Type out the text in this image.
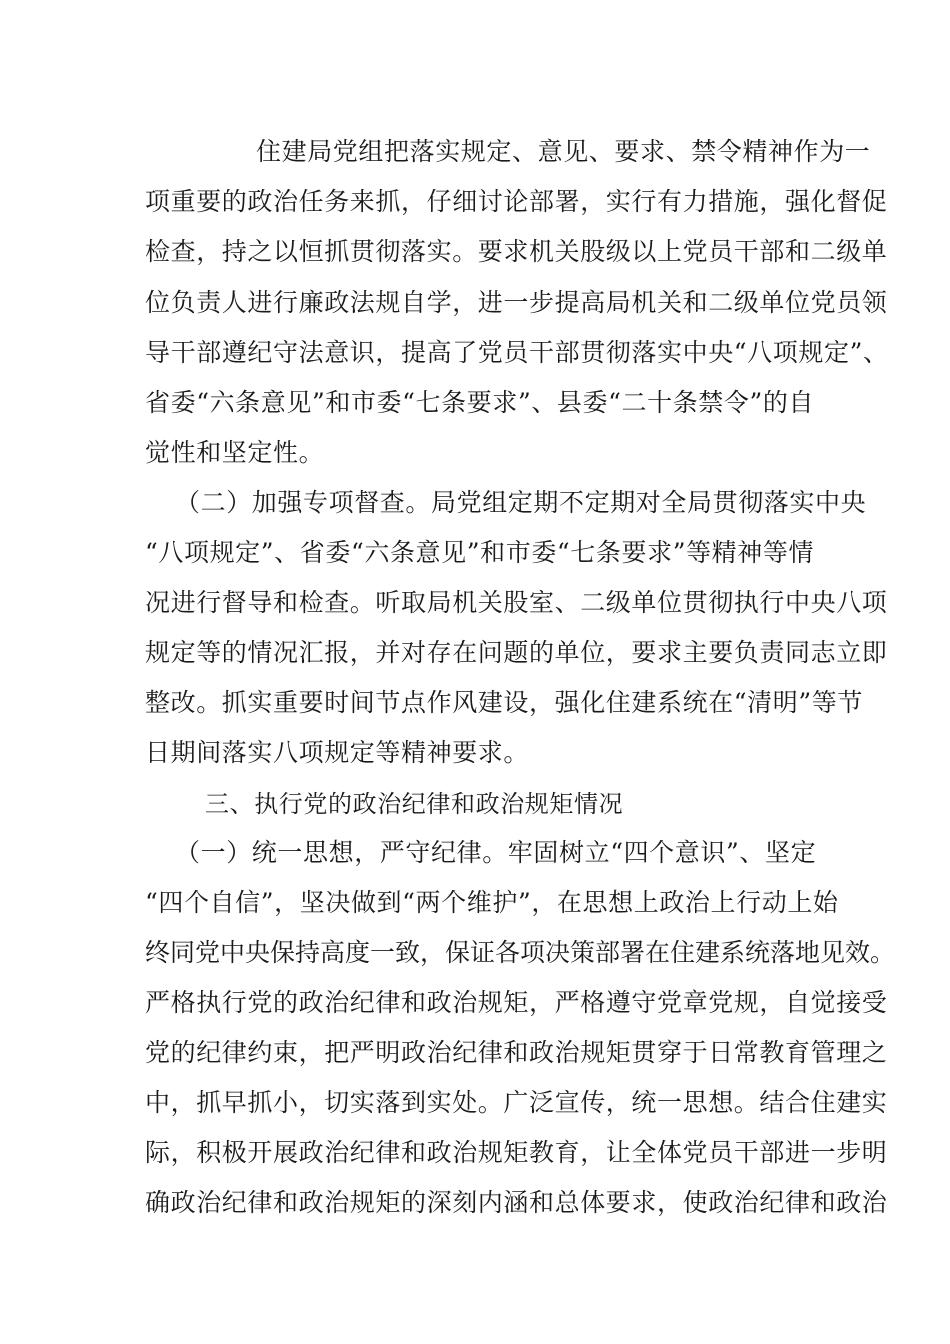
住建局党组把落实规定、意见、要求、禁令精神作为一
项重要的政治任务来抓，仔细讨论部署，实行有力措施，强化督促
检查，持之以恒抓贯彻落实。要求机关股级以上党员干部和二级单
位负责人进行廉政法规自学，进一步提高局机关和二级单位党员领
导干部遵纪守法意识，提高了党员干部贯彻落实中央“八项规定”、
省委“六条意见”和市委“七条要求”、县委“二十条禁令”的自
觉性和坚定性。
（二）加强专项督查。局党组定期不定期对全局贯彻落实中央
“八项规定”、省委“六条意见”和市委“七条要求”等精神等情
况进行督导和检查。听取局机关股室、二级单位贯彻执行中央八项
规定等的情况汇报，并对存在问题的单位，要求主要负责同志立即
整改。抓实重要时间节点作风建设，强化住建系统在“清明”等节
日期间落实八项规定等精神要求。
三、执行党的政治纪律和政治规矩情况
（一）统一思想，严守纪律。牢固树立“四个意识”、坚定
“四个自信”，坚决做到“两个维护”，在思想上政治上行动上始
终同党中央保持高度一致，保证各项决策部署在住建系统落地见效。
严格执行党的政治纪律和政治规矩，严格遵守党章党规，自觉接受
党的纪律约束，把严明政治纪律和政治规矩贯穿于日常教育管理之
中，抓早抓小，切实落到实处。广泛宣传，统一思想。结合住建实
际，积极开展政治纪律和政治规矩教育，让全体党员干部进一步明
确政治纪律和政治规矩的深刻内涵和总体要求，使政治纪律和政治
